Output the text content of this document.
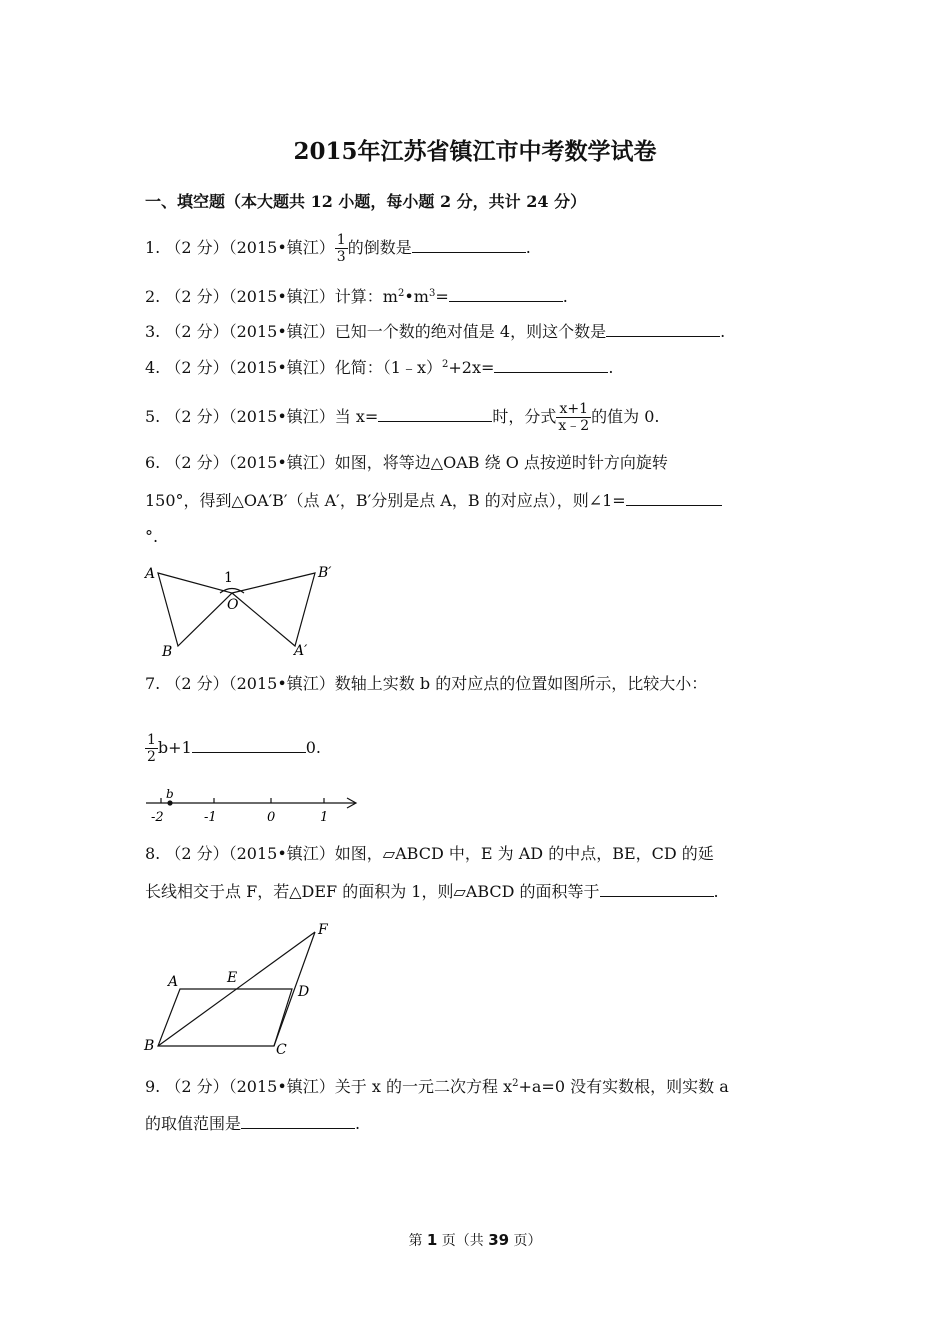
2015年江苏省镇江市中考数学试卷
一、填空题（本大题共 12 小题，每小题 2 分，共计 24 分）
1. （2 分）（2015•镇江） $\frac{1}{3}$ 的倒数是	.
2. （2 分）（2015•镇江）计算：$m^2•m^3=$	.
3. （2 分）（2015•镇江）已知一个数的绝对值是 4，则这个数是	.
4. （2 分）（2015•镇江）化简：（1﹣x）$^2$+2x=	.
5. （2 分）（2015•镇江）当 x=	时，分式 $\frac{x+1}{x﹣2}$ 的值为 0.
6. （2 分）（2015•镇江）如图，将等边△OAB 绕 O 点按逆时针方向旋转
150°，得到△OA′B′（点 A′，B′分别是点 A，B 的对应点），则∠1=
°.
A
B
O
B′
A′
1
7. （2 分）（2015•镇江）数轴上实数 b 的对应点的位置如图所示，比较大小：
$\frac{1}{2} b+1$	0.
b
-2	-1	0	1
8. （2 分）（2015•镇江）如图，▱ABCD 中，E 为 AD 的中点，BE，CD 的延
长线相交于点 F，若△DEF 的面积为 1，则▱ABCD 的面积等于	.
A	E
D
F
B	C
9. （2 分）（2015•镇江）关于 x 的一元二次方程 $x^2+a=0$ 没有实数根，则实数 a
的取值范围是	.
第 1 页（共 39 页）
